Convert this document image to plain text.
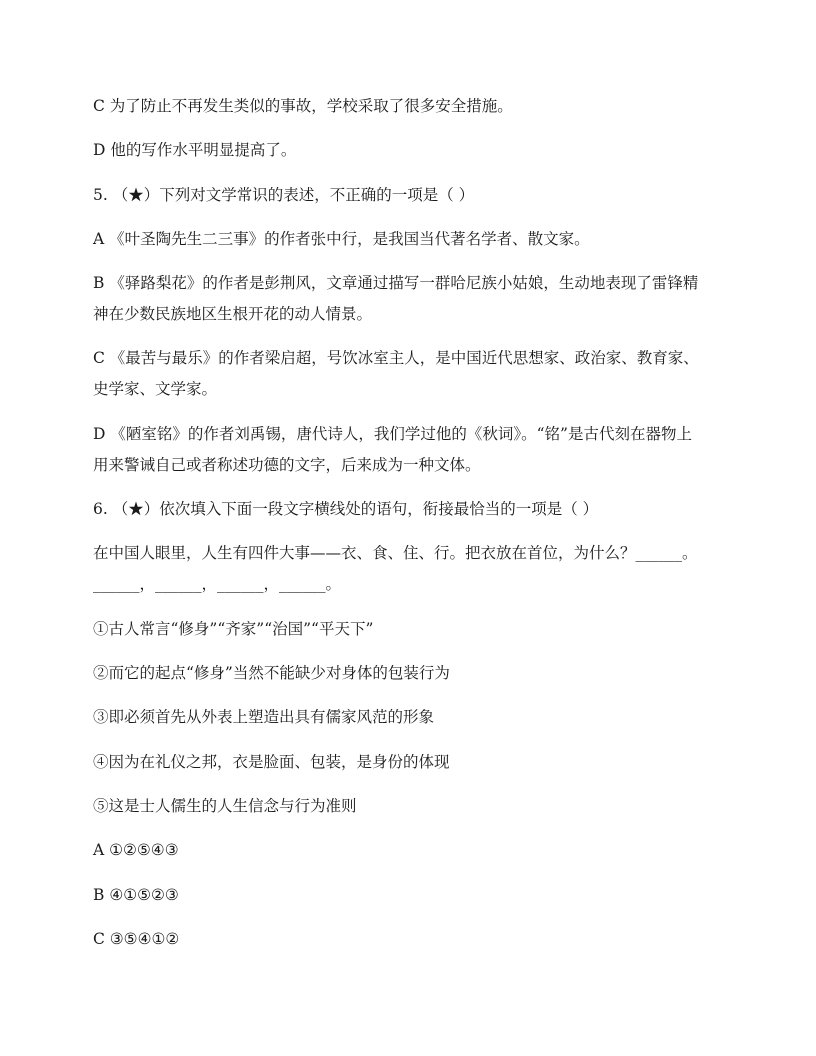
C 为了防止不再发生类似的事故，学校采取了很多安全措施。
D 他的写作水平明显提高了。
5. （★）下列对文学常识的表述，不正确的一项是（ ）
A 《叶圣陶先生二三事》的作者张中行，是我国当代著名学者、散文家。
B 《驿路梨花》的作者是彭荆风，文章通过描写一群哈尼族小姑娘，生动地表现了雷锋精
神在少数民族地区生根开花的动人情景。
C 《最苦与最乐》的作者梁启超，号饮冰室主人，是中国近代思想家、政治家、教育家、
史学家、文学家。
D 《陋室铭》的作者刘禹锡，唐代诗人，我们学过他的《秋词》。“铭”是古代刻在器物上
用来警诫自己或者称述功德的文字，后来成为一种文体。
6. （★）依次填入下面一段文字横线处的语句，衔接最恰当的一项是（ ）
在中国人眼里，人生有四件大事——衣、食、住、行。把衣放在首位，为什么？______。
______，______，______，______。
①古人常言“修身”“齐家”“治国”“平天下”
②而它的起点“修身”当然不能缺少对身体的包装行为
③即必须首先从外表上塑造出具有儒家风范的形象
④因为在礼仪之邦，衣是脸面、包装，是身份的体现
⑤这是士人儒生的人生信念与行为准则
A ①②⑤④③
B ④①⑤②③
C ③⑤④①②
